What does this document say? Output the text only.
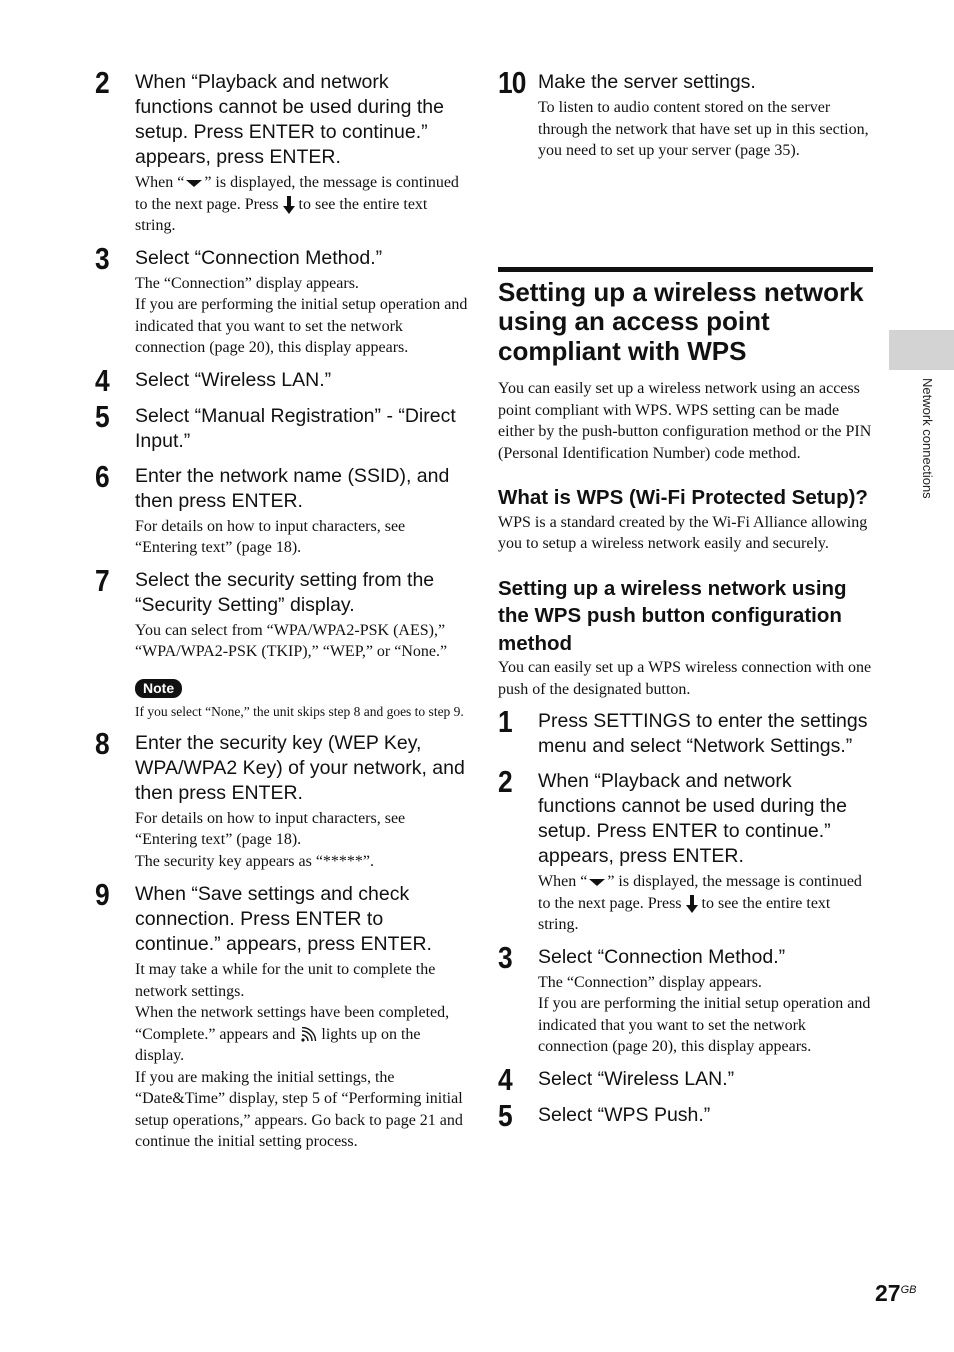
Network connections
2 When “Playback and network functions cannot be used during the setup. Press ENTER to continue.” appears, press ENTER.

When “ ” is displayed, the message is continued to the next page. Press to see the entire text string.

3 Select “Connection Method.”

The “Connection” display appears.

If you are performing the initial setup operation and indicated that you want to set the network connection (page 20), this display appears.

4 Select “Wireless LAN.”

5 Select “Manual Registration” - “Direct Input.”

6 Enter the network name (SSID), and then press ENTER.

For details on how to input characters, see “Entering text” (page 18).

7 Select the security setting from the “Security Setting” display.

You can select from “WPA/WPA2-PSK (AES),” “WPA/WPA2-PSK (TKIP),” “WEP,” or “None.”

Note

If you select “None,” the unit skips step 8 and goes to step 9.

8 Enter the security key (WEP Key, WPA/WPA2 Key) of your network, and then press ENTER.

For details on how to input characters, see “Entering text” (page 18).

The security key appears as “*****”.

9 When “Save settings and check connection. Press ENTER to continue.” appears, press ENTER.

It may take a while for the unit to complete the network settings.

When the network settings have been completed, “Complete.” appears and lights up on the display.

If you are making the initial settings, the “Date&Time” display, step 5 of “Performing initial setup operations,” appears. Go back to page 21 and continue the initial setting process.

10 Make the server settings.

To listen to audio content stored on the server through the network that have set up in this section, you need to set up your server (page 35).

Setting up a wireless network using an access point compliant with WPS

You can easily set up a wireless network using an access point compliant with WPS. WPS setting can be made either by the push-button configuration method or the PIN (Personal Identification Number) code method.

What is WPS (Wi-Fi Protected Setup)?

WPS is a standard created by the Wi-Fi Alliance allowing you to setup a wireless network easily and securely.

Setting up a wireless network using the WPS push button configuration method

You can easily set up a WPS wireless connection with one push of the designated button.

1 Press SETTINGS to enter the settings menu and select “Network Settings.”

2 When “Playback and network functions cannot be used during the setup. Press ENTER to continue.” appears, press ENTER.

When “ ” is displayed, the message is continued to the next page. Press to see the entire text string.

3 Select “Connection Method.”

The “Connection” display appears.

If you are performing the initial setup operation and indicated that you want to set the network connection (page 20), this display appears.

4 Select “Wireless LAN.”

5 Select “WPS Push.”

$27^{GB}$
